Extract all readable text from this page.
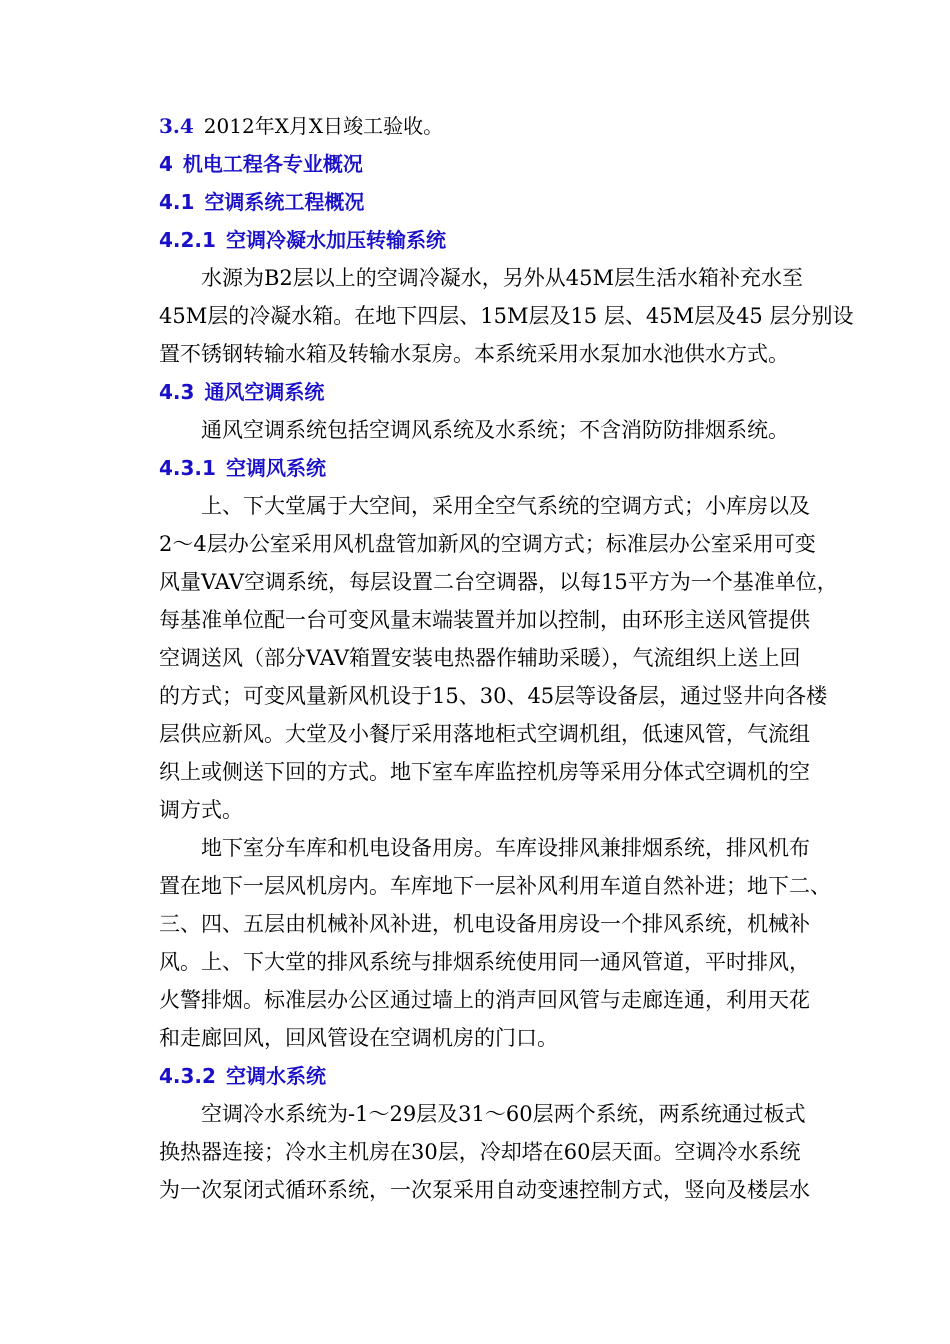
3.4 2012年X月X日竣工验收。
4 机电工程各专业概况
4.1 空调系统工程概况
4.2.1 空调冷凝水加压转输系统
水源为B2层以上的空调冷凝水，另外从45M层生活水箱补充水至
45M层的冷凝水箱。在地下四层、15M层及15 层、45M层及45 层分别设
置不锈钢转输水箱及转输水泵房。本系统采用水泵加水池供水方式。
4.3 通风空调系统
通风空调系统包括空调风系统及水系统；不含消防防排烟系统。
4.3.1 空调风系统
上、下大堂属于大空间，采用全空气系统的空调方式；小库房以及
2～4层办公室采用风机盘管加新风的空调方式；标准层办公室采用可变
风量VAV空调系统，每层设置二台空调器，以每15平方为一个基准单位，
每基准单位配一台可变风量末端装置并加以控制，由环形主送风管提供
空调送风（部分VAV箱置安装电热器作辅助采暖），气流组织上送上回
的方式；可变风量新风机设于15、30、45层等设备层，通过竖井向各楼
层供应新风。大堂及小餐厅采用落地柜式空调机组，低速风管，气流组
织上或侧送下回的方式。地下室车库监控机房等采用分体式空调机的空
调方式。
地下室分车库和机电设备用房。车库设排风兼排烟系统，排风机布
置在地下一层风机房内。车库地下一层补风利用车道自然补进；地下二、
三、四、五层由机械补风补进，机电设备用房设一个排风系统，机械补
风。上、下大堂的排风系统与排烟系统使用同一通风管道，平时排风，
火警排烟。标准层办公区通过墙上的消声回风管与走廊连通，利用天花
和走廊回风，回风管设在空调机房的门口。
4.3.2 空调水系统
空调冷水系统为-1～29层及31～60层两个系统，两系统通过板式
换热器连接；冷水主机房在30层，冷却塔在60层天面。空调冷水系统
为一次泵闭式循环系统，一次泵采用自动变速控制方式，竖向及楼层水
